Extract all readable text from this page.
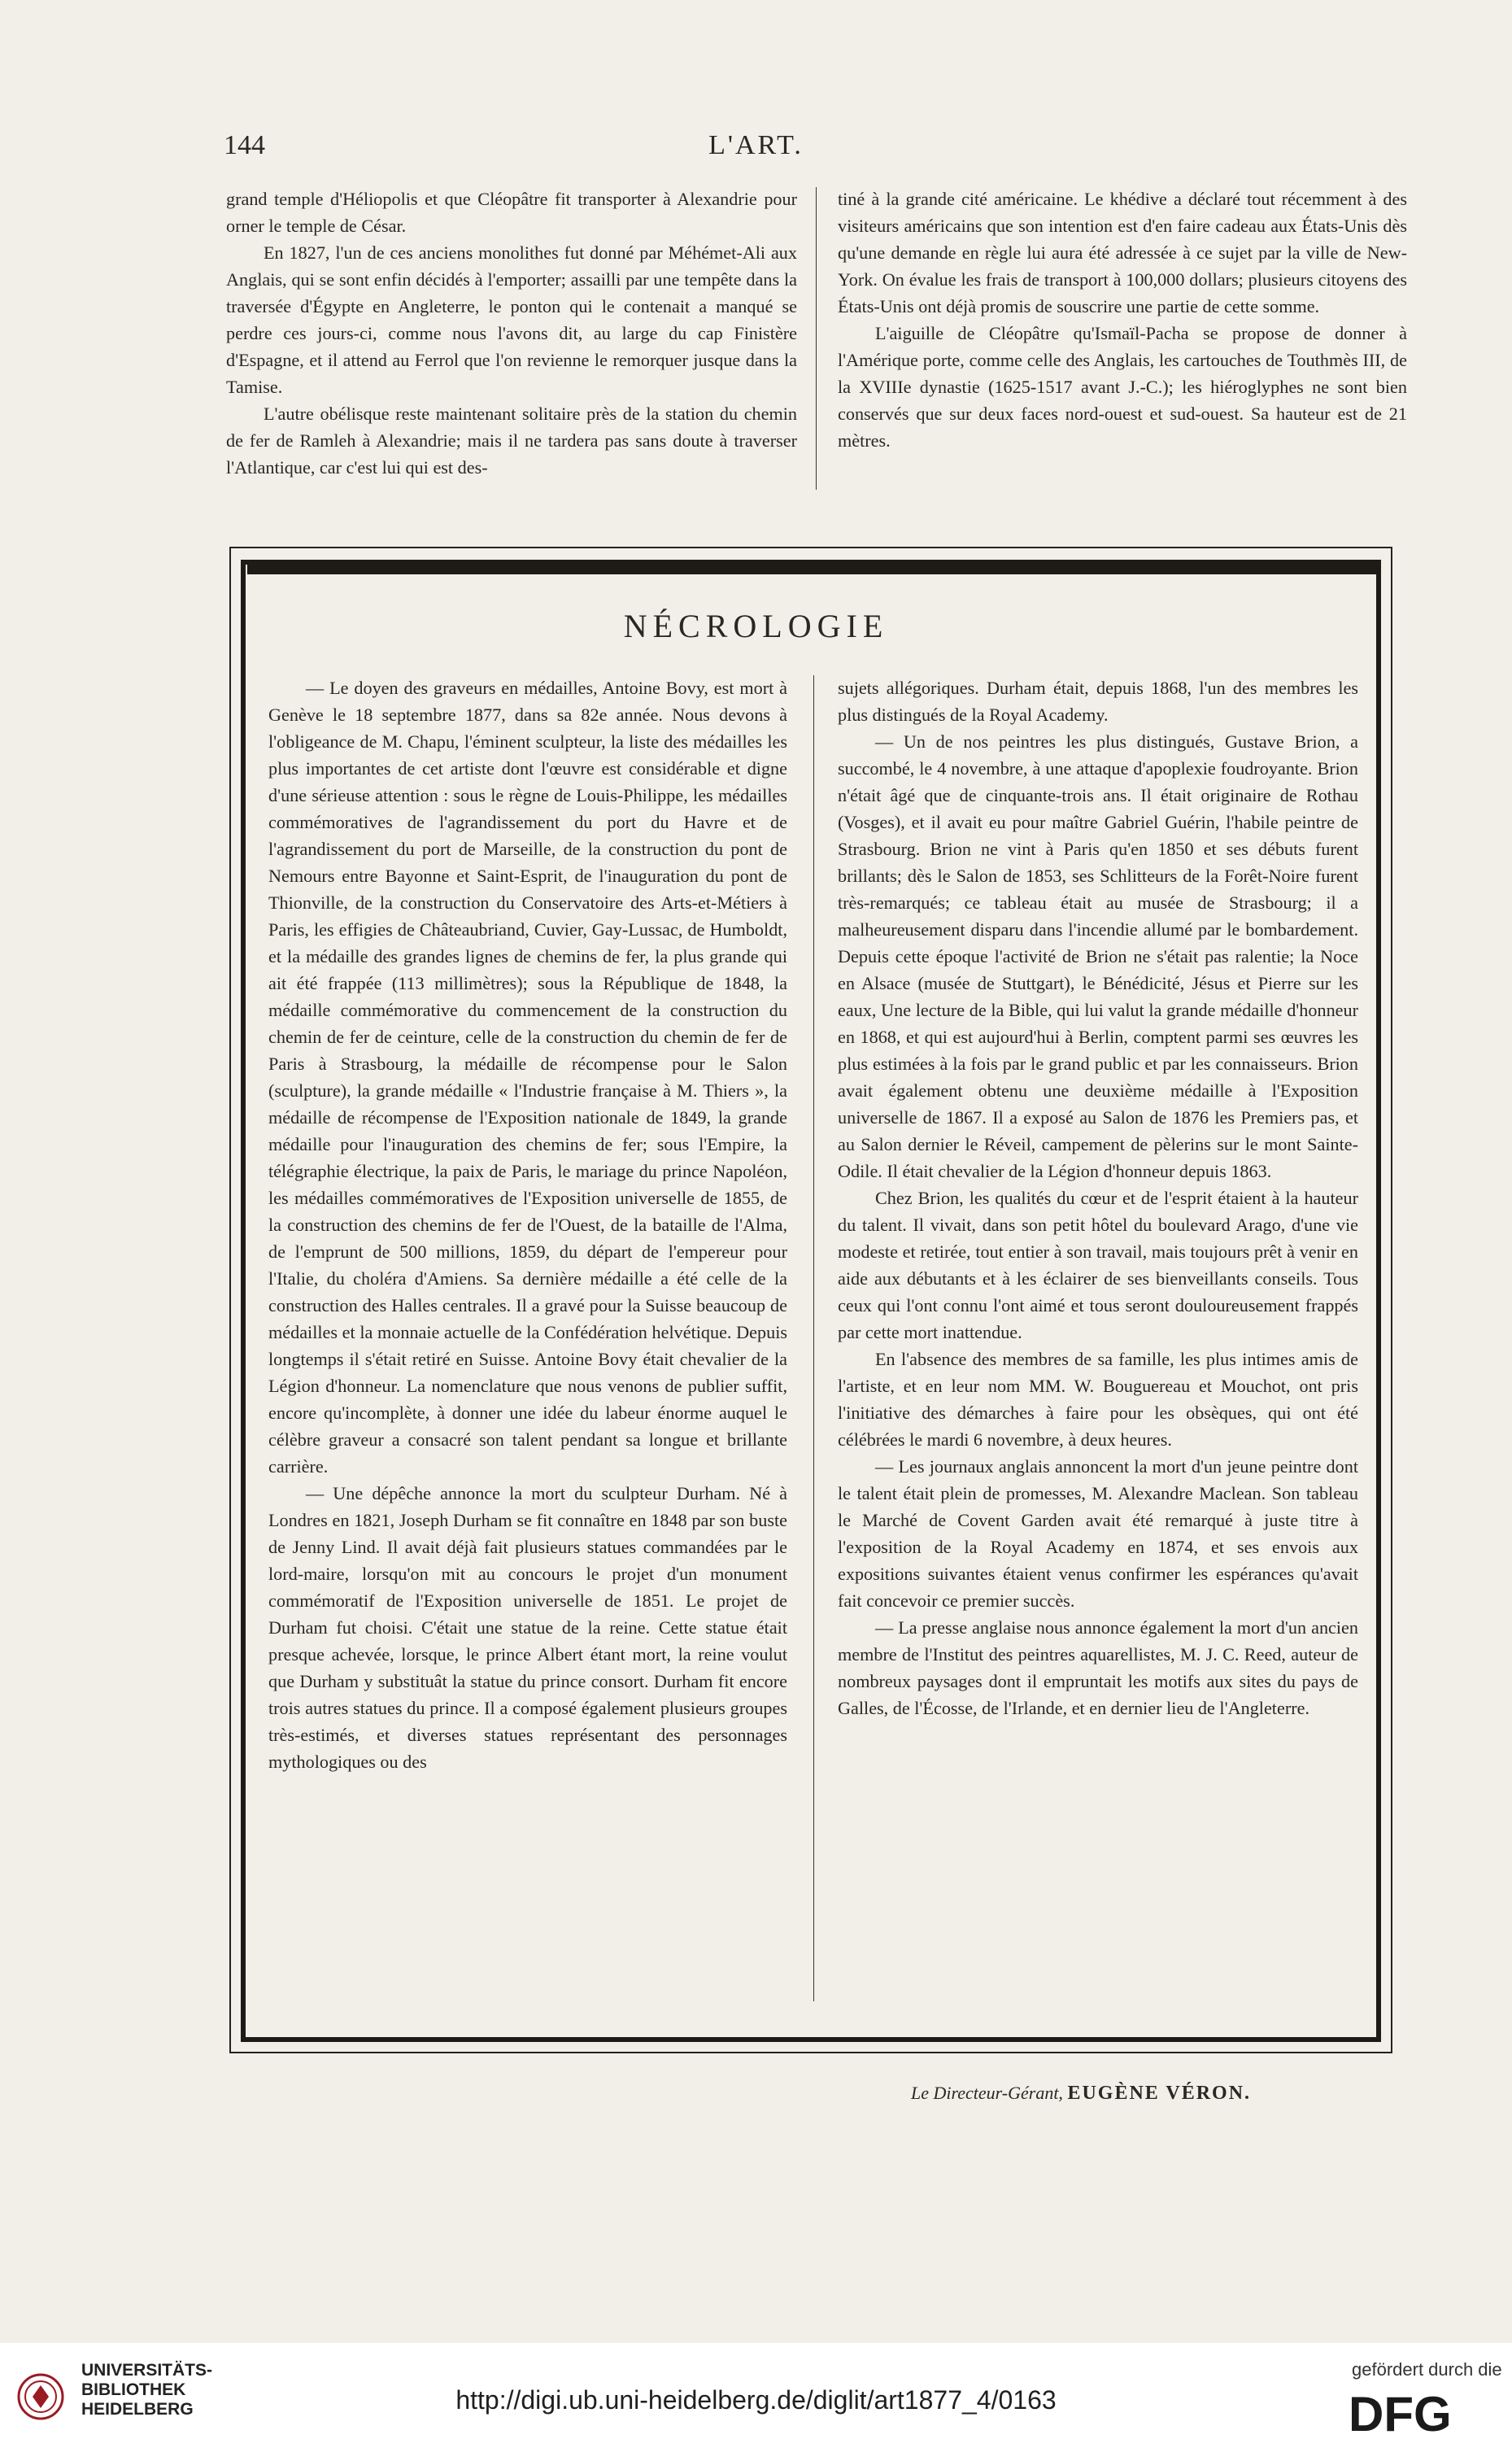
144	L'ART.

grand temple d'Héliopolis et que Cléopâtre fit transporter à Alexandrie pour orner le temple de César.

En 1827, l'un de ces anciens monolithes fut donné par Méhémet-Ali aux Anglais, qui se sont enfin décidés à l'emporter; assailli par une tempête dans la traversée d'Égypte en Angleterre, le ponton qui le contenait a manqué se perdre ces jours-ci, comme nous l'avons dit, au large du cap Finistère d'Espagne, et il attend au Ferrol que l'on revienne le remorquer jusque dans la Tamise.

L'autre obélisque reste maintenant solitaire près de la station du chemin de fer de Ramleh à Alexandrie; mais il ne tardera pas sans doute à traverser l'Atlantique, car c'est lui qui est des-

tiné à la grande cité américaine. Le khédive a déclaré tout récemment à des visiteurs américains que son intention est d'en faire cadeau aux États-Unis dès qu'une demande en règle lui aura été adressée à ce sujet par la ville de New-York. On évalue les frais de transport à 100,000 dollars; plusieurs citoyens des États-Unis ont déjà promis de souscrire une partie de cette somme.

L'aiguille de Cléopâtre qu'Ismaïl-Pacha se propose de donner à l'Amérique porte, comme celle des Anglais, les cartouches de Touthmès III, de la XVIIIe dynastie (1625-1517 avant J.-C.); les hiéroglyphes ne sont bien conservés que sur deux faces nord-ouest et sud-ouest. Sa hauteur est de 21 mètres.

NÉCROLOGIE

— Le doyen des graveurs en médailles, Antoine Bovy, est mort à Genève le 18 septembre 1877, dans sa 82e année. Nous devons à l'obligeance de M. Chapu, l'éminent sculpteur, la liste des médailles les plus importantes de cet artiste dont l'œuvre est considérable et digne d'une sérieuse attention : sous le règne de Louis-Philippe, les médailles commémoratives de l'agrandissement du port du Havre et de l'agrandissement du port de Marseille, de la construction du pont de Nemours entre Bayonne et Saint-Esprit, de l'inauguration du pont de Thionville, de la construction du Conservatoire des Arts-et-Métiers à Paris, les effigies de Châteaubriand, Cuvier, Gay-Lussac, de Humboldt, et la médaille des grandes lignes de chemins de fer, la plus grande qui ait été frappée (113 millimètres); sous la République de 1848, la médaille commémorative du commencement de la construction du chemin de fer de ceinture, celle de la construction du chemin de fer de Paris à Strasbourg, la médaille de récompense pour le Salon (sculpture), la grande médaille « l'Industrie française à M. Thiers », la médaille de récompense de l'Exposition nationale de 1849, la grande médaille pour l'inauguration des chemins de fer; sous l'Empire, la télégraphie électrique, la paix de Paris, le mariage du prince Napoléon, les médailles commémoratives de l'Exposition universelle de 1855, de la construction des chemins de fer de l'Ouest, de la bataille de l'Alma, de l'emprunt de 500 millions, 1859, du départ de l'empereur pour l'Italie, du choléra d'Amiens. Sa dernière médaille a été celle de la construction des Halles centrales. Il a gravé pour la Suisse beaucoup de médailles et la monnaie actuelle de la Confédération helvétique. Depuis longtemps il s'était retiré en Suisse. Antoine Bovy était chevalier de la Légion d'honneur. La nomenclature que nous venons de publier suffit, encore qu'incomplète, à donner une idée du labeur énorme auquel le célèbre graveur a consacré son talent pendant sa longue et brillante carrière.

— Une dépêche annonce la mort du sculpteur Durham. Né à Londres en 1821, Joseph Durham se fit connaître en 1848 par son buste de Jenny Lind. Il avait déjà fait plusieurs statues commandées par le lord-maire, lorsqu'on mit au concours le projet d'un monument commémoratif de l'Exposition universelle de 1851. Le projet de Durham fut choisi. C'était une statue de la reine. Cette statue était presque achevée, lorsque, le prince Albert étant mort, la reine voulut que Durham y substituât la statue du prince consort. Durham fit encore trois autres statues du prince. Il a composé également plusieurs groupes très-estimés, et diverses statues représentant des personnages mythologiques ou des

sujets allégoriques. Durham était, depuis 1868, l'un des membres les plus distingués de la Royal Academy.

— Un de nos peintres les plus distingués, Gustave Brion, a succombé, le 4 novembre, à une attaque d'apoplexie foudroyante. Brion n'était âgé que de cinquante-trois ans. Il était originaire de Rothau (Vosges), et il avait eu pour maître Gabriel Guérin, l'habile peintre de Strasbourg. Brion ne vint à Paris qu'en 1850 et ses débuts furent brillants; dès le Salon de 1853, ses Schlitteurs de la Forêt-Noire furent très-remarqués; ce tableau était au musée de Strasbourg; il a malheureusement disparu dans l'incendie allumé par le bombardement. Depuis cette époque l'activité de Brion ne s'était pas ralentie; la Noce en Alsace (musée de Stuttgart), le Bénédicité, Jésus et Pierre sur les eaux, Une lecture de la Bible, qui lui valut la grande médaille d'honneur en 1868, et qui est aujourd'hui à Berlin, comptent parmi ses œuvres les plus estimées à la fois par le grand public et par les connaisseurs. Brion avait également obtenu une deuxième médaille à l'Exposition universelle de 1867. Il a exposé au Salon de 1876 les Premiers pas, et au Salon dernier le Réveil, campement de pèlerins sur le mont Sainte-Odile. Il était chevalier de la Légion d'honneur depuis 1863.

Chez Brion, les qualités du cœur et de l'esprit étaient à la hauteur du talent. Il vivait, dans son petit hôtel du boulevard Arago, d'une vie modeste et retirée, tout entier à son travail, mais toujours prêt à venir en aide aux débutants et à les éclairer de ses bienveillants conseils. Tous ceux qui l'ont connu l'ont aimé et tous seront douloureusement frappés par cette mort inattendue.

En l'absence des membres de sa famille, les plus intimes amis de l'artiste, et en leur nom MM. W. Bouguereau et Mouchot, ont pris l'initiative des démarches à faire pour les obsèques, qui ont été célébrées le mardi 6 novembre, à deux heures.

— Les journaux anglais annoncent la mort d'un jeune peintre dont le talent était plein de promesses, M. Alexandre Maclean. Son tableau le Marché de Covent Garden avait été remarqué à juste titre à l'exposition de la Royal Academy en 1874, et ses envois aux expositions suivantes étaient venus confirmer les espérances qu'avait fait concevoir ce premier succès.

— La presse anglaise nous annonce également la mort d'un ancien membre de l'Institut des peintres aquarellistes, M. J. C. Reed, auteur de nombreux paysages dont il empruntait les motifs aux sites du pays de Galles, de l'Écosse, de l'Irlande, et en dernier lieu de l'Angleterre.

Le Directeur-Gérant, EUGÈNE VÉRON.
UNIVERSITÄTS-
BIBLIOTHEK
HEIDELBERG	http://digi.ub.uni-heidelberg.de/diglit/art1877_4/0163
gefördert durch die
DFG
